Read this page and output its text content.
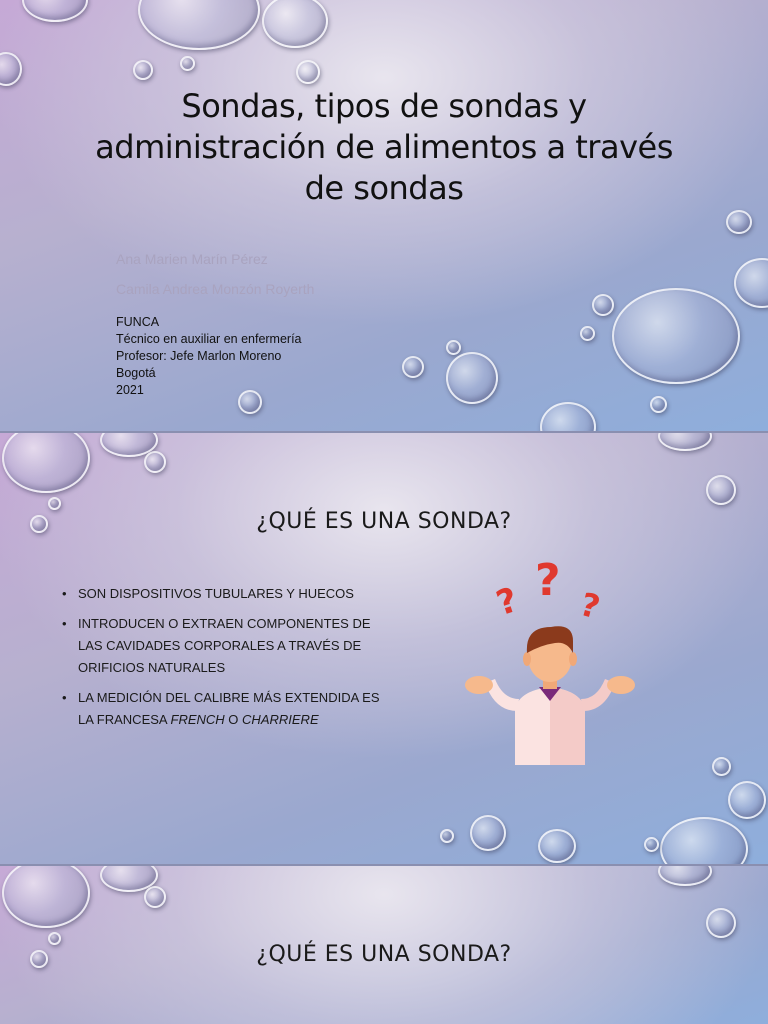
Sondas, tipos de sondas y administración de alimentos a través de sondas
Ana Marien Marín Pérez
Camila Andrea Monzón Royerth
FUNCA
Técnico en auxiliar en enfermería
Profesor: Jefe Marlon Moreno
Bogotá
2021
¿QUÉ ES UNA SONDA?
• SON DISPOSITIVOS TUBULARES Y HUECOS
• INTRODUCEN O EXTRAEN COMPONENTES DE LAS CAVIDADES CORPORALES A TRAVÉS DE ORIFICIOS NATURALES
• LA MEDICIÓN DEL CALIBRE MÁS EXTENDIDA ES LA FRANCESA FRENCH O CHARRIERE
? ? ?
¿QUÉ ES UNA SONDA?
